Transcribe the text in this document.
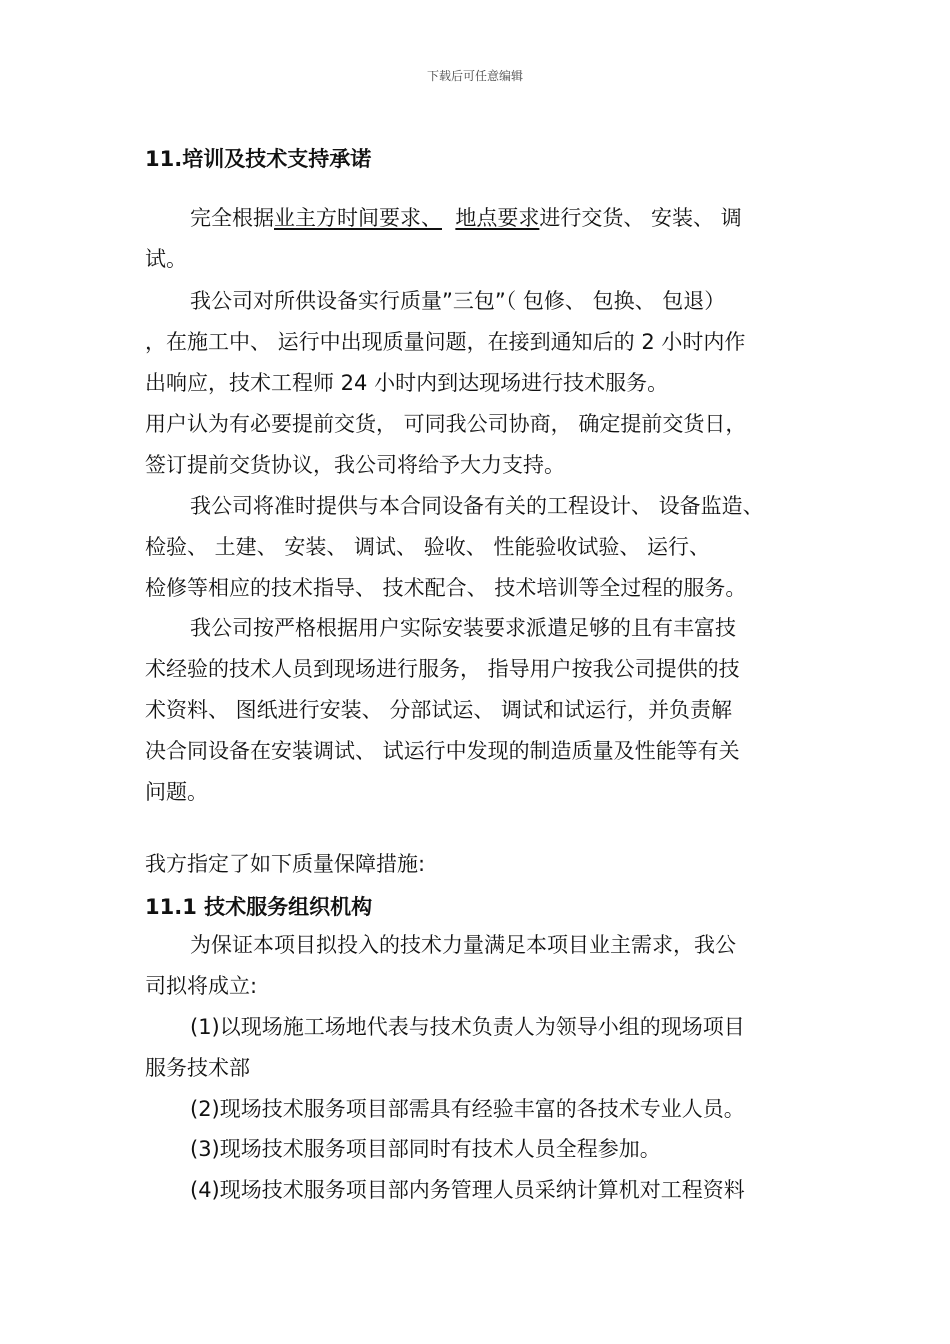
下载后可任意编辑
11.培训及技术支持承诺
完全根据业主方时间要求、 地点要求进行交货、 安装、 调
试。
我公司对所供设备实行质量”三包”（ 包修、 包换、 包退）
，在施工中、 运行中出现质量问题，在接到通知后的 2 小时内作
出响应，技术工程师 24 小时内到达现场进行技术服务。
用户认为有必要提前交货， 可同我公司协商， 确定提前交货日，
签订提前交货协议，我公司将给予大力支持。
我公司将准时提供与本合同设备有关的工程设计、 设备监造、
检验、 土建、 安装、 调试、 验收、 性能验收试验、 运行、
检修等相应的技术指导、 技术配合、 技术培训等全过程的服务。
我公司按严格根据用户实际安装要求派遣足够的且有丰富技
术经验的技术人员到现场进行服务， 指导用户按我公司提供的技
术资料、 图纸进行安装、 分部试运、 调试和试运行，并负责解
决合同设备在安装调试、 试运行中发现的制造质量及性能等有关
问题。
我方指定了如下质量保障措施:
11.1 技术服务组织机构
为保证本项目拟投入的技术力量满足本项目业主需求，我公
司拟将成立:
(1)以现场施工场地代表与技术负责人为领导小组的现场项目
服务技术部
(2)现场技术服务项目部需具有经验丰富的各技术专业人员。
(3)现场技术服务项目部同时有技术人员全程参加。
(4)现场技术服务项目部内务管理人员采纳计算机对工程资料
